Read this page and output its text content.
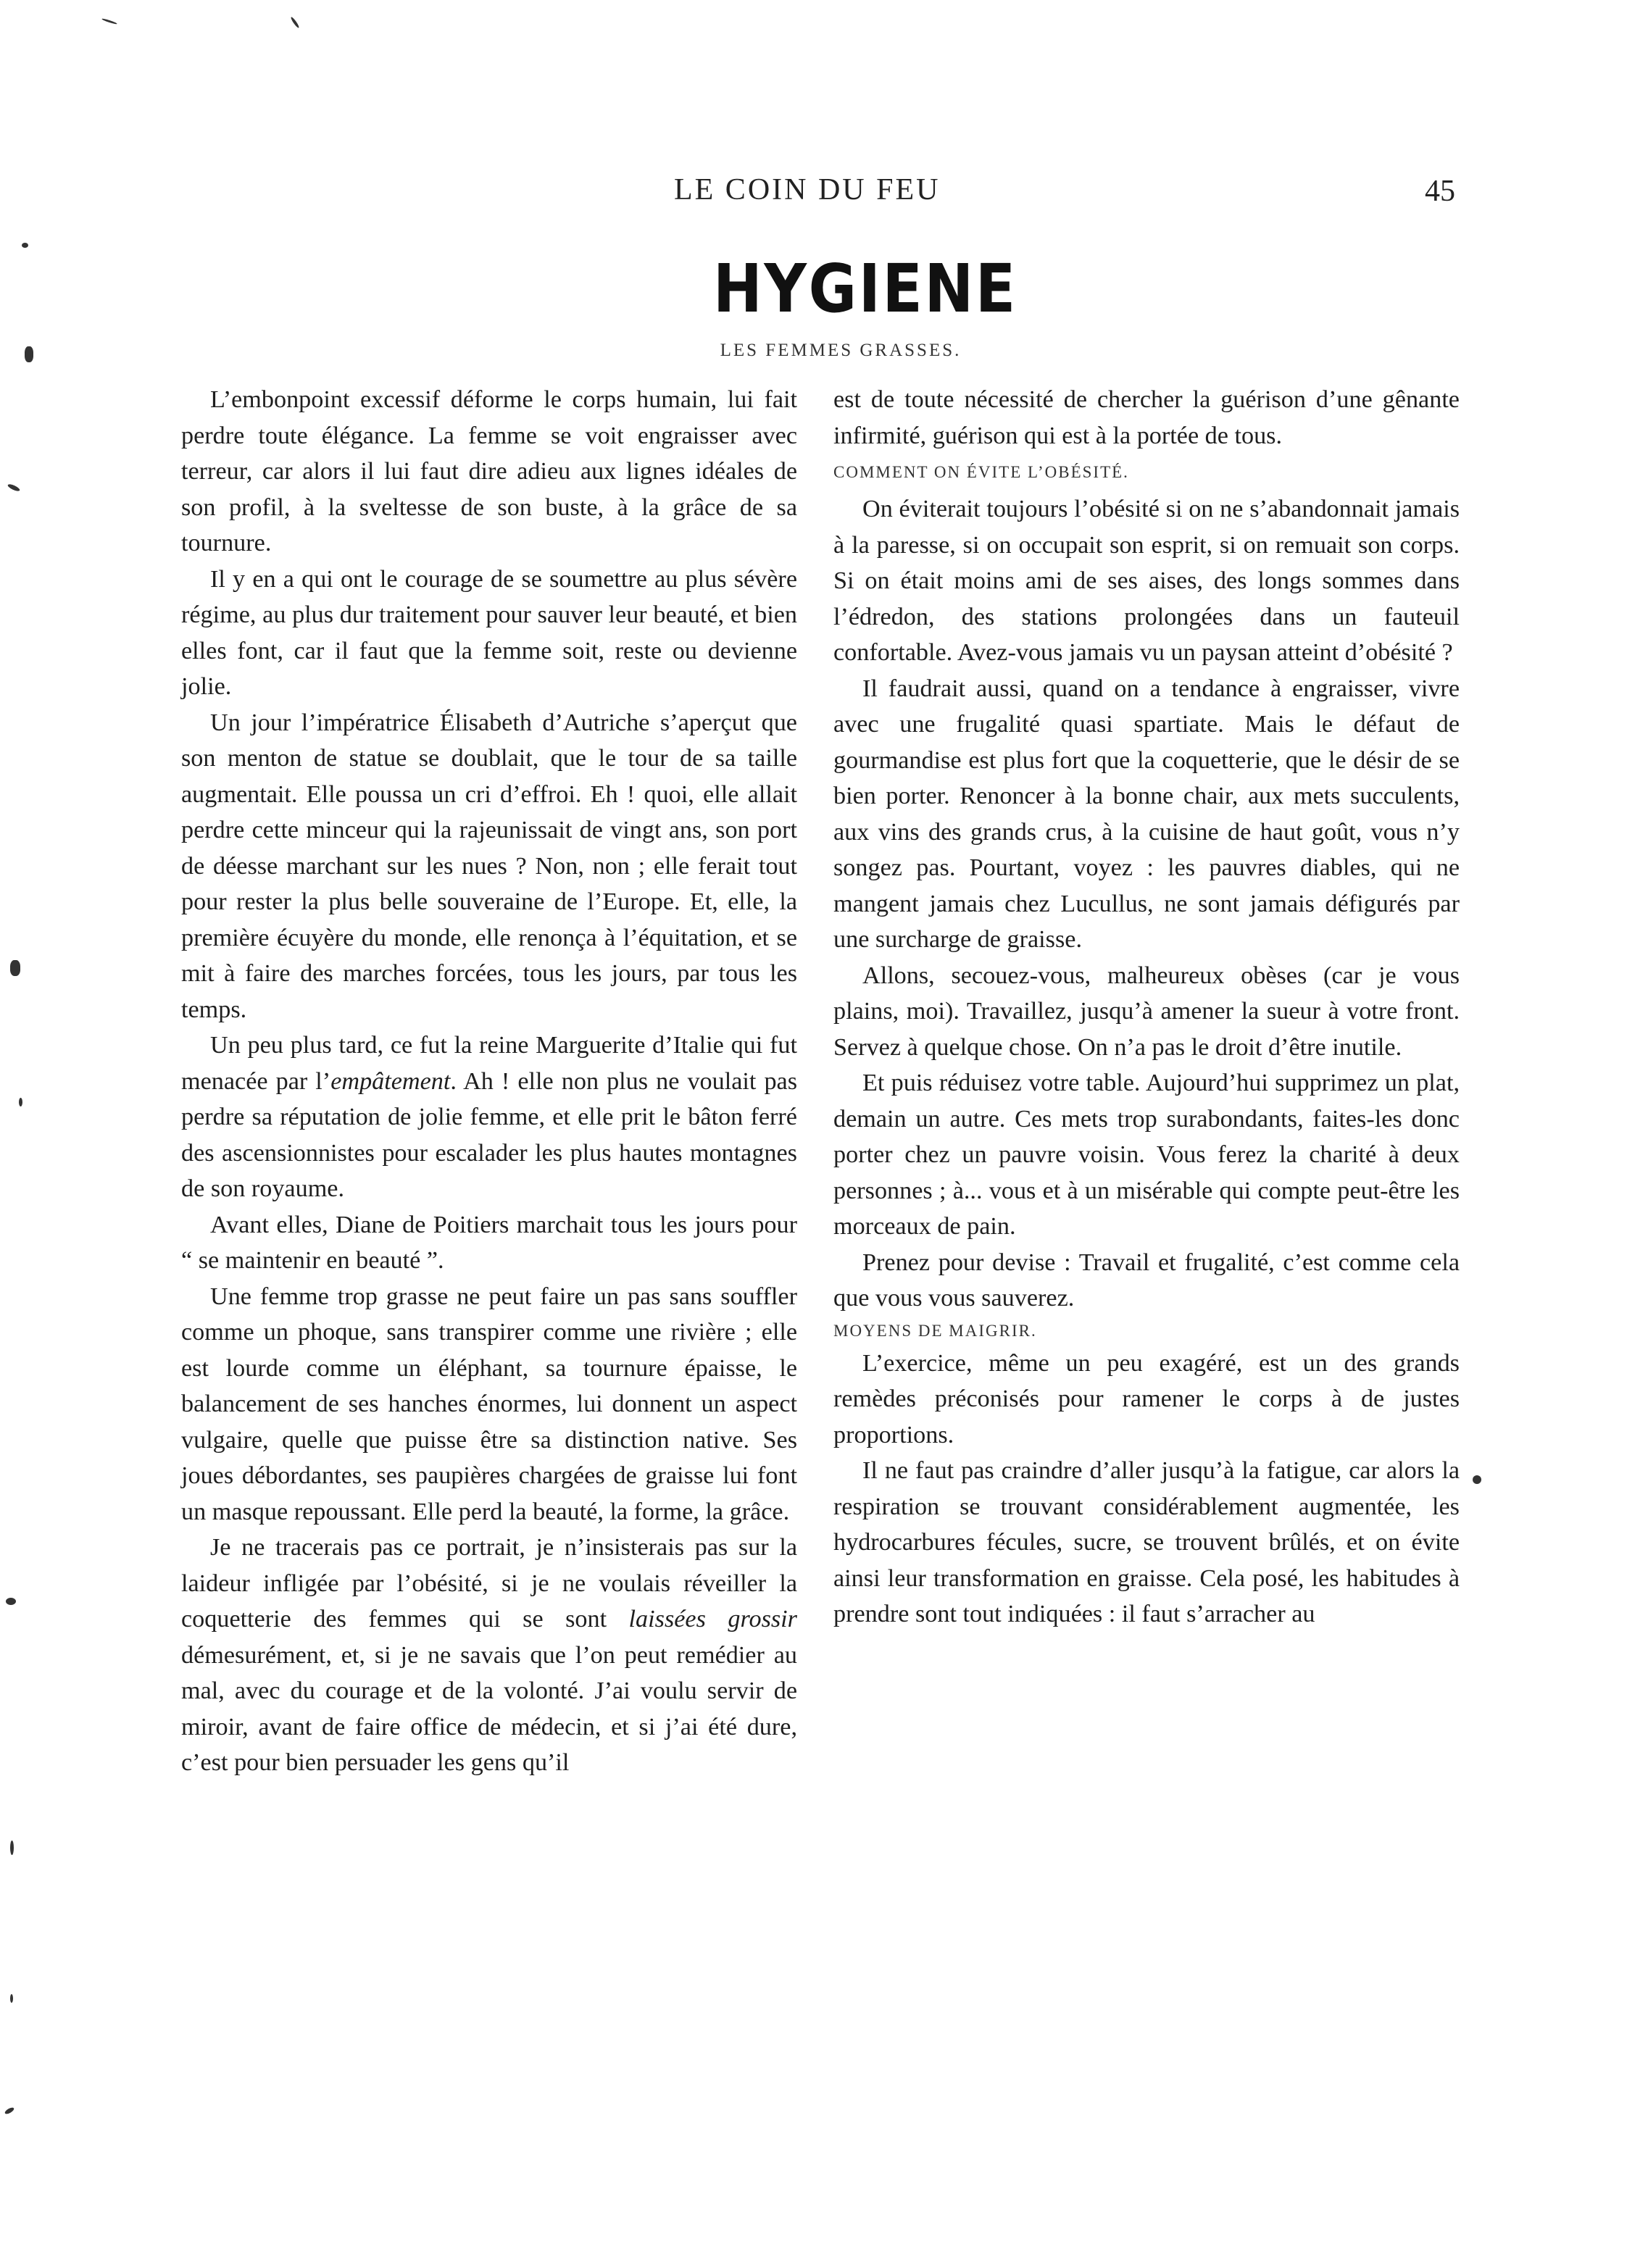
LE COIN DU FEU	45
HYGIENE
LES FEMMES GRASSES.

L’embonpoint excessif déforme le corps humain, lui fait perdre toute élégance. La femme se voit engraisser avec terreur, car alors il lui faut dire adieu aux lignes idéales de son profil, à la sveltesse de son buste, à la grâce de sa tournure.

Il y en a qui ont le courage de se soumettre au plus sévère régime, au plus dur traitement pour sauver leur beauté, et bien elles font, car il faut que la femme soit, reste ou devienne jolie.

Un jour l’impératrice Élisabeth d’Autriche s’aperçut que son menton de statue se doublait, que le tour de sa taille augmentait. Elle poussa un cri d’effroi. Eh ! quoi, elle allait perdre cette minceur qui la rajeunissait de vingt ans, son port de déesse marchant sur les nues ? Non, non ; elle ferait tout pour rester la plus belle souveraine de l’Europe. Et, elle, la première écuyère du monde, elle renonça à l’équitation, et se mit à faire des marches forcées, tous les jours, par tous les temps.

Un peu plus tard, ce fut la reine Marguerite d’Italie qui fut menacée par l’empâtement. Ah ! elle non plus ne voulait pas perdre sa réputation de jolie femme, et elle prit le bâton ferré des ascensionnistes pour escalader les plus hautes montagnes de son royaume.

Avant elles, Diane de Poitiers marchait tous les jours pour “ se maintenir en beauté ”.

Une femme trop grasse ne peut faire un pas sans souffler comme un phoque, sans transpirer comme une rivière ; elle est lourde comme un éléphant, sa tournure épaisse, le balancement de ses hanches énormes, lui donnent un aspect vulgaire, quelle que puisse être sa distinction native. Ses joues débordantes, ses paupières chargées de graisse lui font un masque repoussant. Elle perd la beauté, la forme, la grâce.

Je ne tracerais pas ce portrait, je n’insisterais pas sur la laideur infligée par l’obésité, si je ne voulais réveiller la coquetterie des femmes qui se sont laissées grossir démesurément, et, si je ne savais que l’on peut remédier au mal, avec du courage et de la volonté. J’ai voulu servir de miroir, avant de faire office de médecin, et si j’ai été dure, c’est pour bien persuader les gens qu’il

est de toute nécessité de chercher la guérison d’une gênante infirmité, guérison qui est à la portée de tous.

COMMENT ON ÉVITE L’OBÉSITÉ.

On éviterait toujours l’obésité si on ne s’abandonnait jamais à la paresse, si on occupait son esprit, si on remuait son corps. Si on était moins ami de ses aises, des longs sommes dans l’édredon, des stations prolongées dans un fauteuil confortable. Avez-vous jamais vu un paysan atteint d’obésité ?

Il faudrait aussi, quand on a tendance à engraisser, vivre avec une frugalité quasi spartiate. Mais le défaut de gourmandise est plus fort que la coquetterie, que le désir de se bien porter. Renoncer à la bonne chair, aux mets succulents, aux vins des grands crus, à la cuisine de haut goût, vous n’y songez pas. Pourtant, voyez : les pauvres diables, qui ne mangent jamais chez Lucullus, ne sont jamais défigurés par une surcharge de graisse.

Allons, secouez-vous, malheureux obèses (car je vous plains, moi). Travaillez, jusqu’à amener la sueur à votre front. Servez à quelque chose. On n’a pas le droit d’être inutile.

Et puis réduisez votre table. Aujourd’hui supprimez un plat, demain un autre. Ces mets trop surabondants, faites-les donc porter chez un pauvre voisin. Vous ferez la charité à deux personnes ; à... vous et à un misérable qui compte peut-être les morceaux de pain.

Prenez pour devise : Travail et frugalité, c’est comme cela que vous vous sauverez.

MOYENS DE MAIGRIR.

L’exercice, même un peu exagéré, est un des grands remèdes préconisés pour ramener le corps à de justes proportions.

Il ne faut pas craindre d’aller jusqu’à la fatigue, car alors la respiration se trouvant considérablement augmentée, les hydrocarbures fécules, sucre, se trouvent brûlés, et on évite ainsi leur transformation en graisse. Cela posé, les habitudes à prendre sont tout indiquées : il faut s’arracher au
